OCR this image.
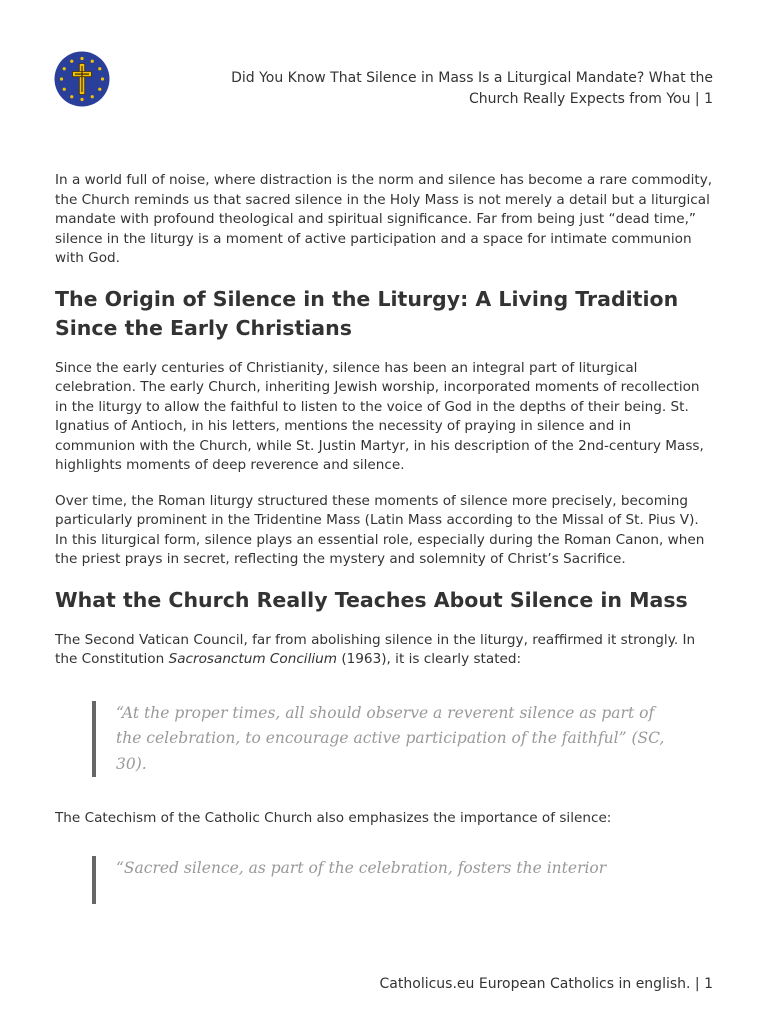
Did You Know That Silence in Mass Is a Liturgical Mandate? What the
Church Really Expects from You | 1

In a world full of noise, where distraction is the norm and silence has become a rare commodity, the Church reminds us that sacred silence in the Holy Mass is not merely a detail but a liturgical mandate with profound theological and spiritual significance. Far from being just “dead time,” silence in the liturgy is a moment of active participation and a space for intimate communion with God.

The Origin of Silence in the Liturgy: A Living Tradition Since the Early Christians

Since the early centuries of Christianity, silence has been an integral part of liturgical celebration. The early Church, inheriting Jewish worship, incorporated moments of recollection in the liturgy to allow the faithful to listen to the voice of God in the depths of their being. St. Ignatius of Antioch, in his letters, mentions the necessity of praying in silence and in communion with the Church, while St. Justin Martyr, in his description of the 2nd-century Mass, highlights moments of deep reverence and silence.

Over time, the Roman liturgy structured these moments of silence more precisely, becoming particularly prominent in the Tridentine Mass (Latin Mass according to the Missal of St. Pius V). In this liturgical form, silence plays an essential role, especially during the Roman Canon, when the priest prays in secret, reflecting the mystery and solemnity of Christ’s Sacrifice.

What the Church Really Teaches About Silence in Mass

The Second Vatican Council, far from abolishing silence in the liturgy, reaffirmed it strongly. In the Constitution Sacrosanctum Concilium (1963), it is clearly stated:

“At the proper times, all should observe a reverent silence as part of the celebration, to encourage active participation of the faithful” (SC, 30).

The Catechism of the Catholic Church also emphasizes the importance of silence:

“Sacred silence, as part of the celebration, fosters the interior
Catholicus.eu European Catholics in english. | 1
